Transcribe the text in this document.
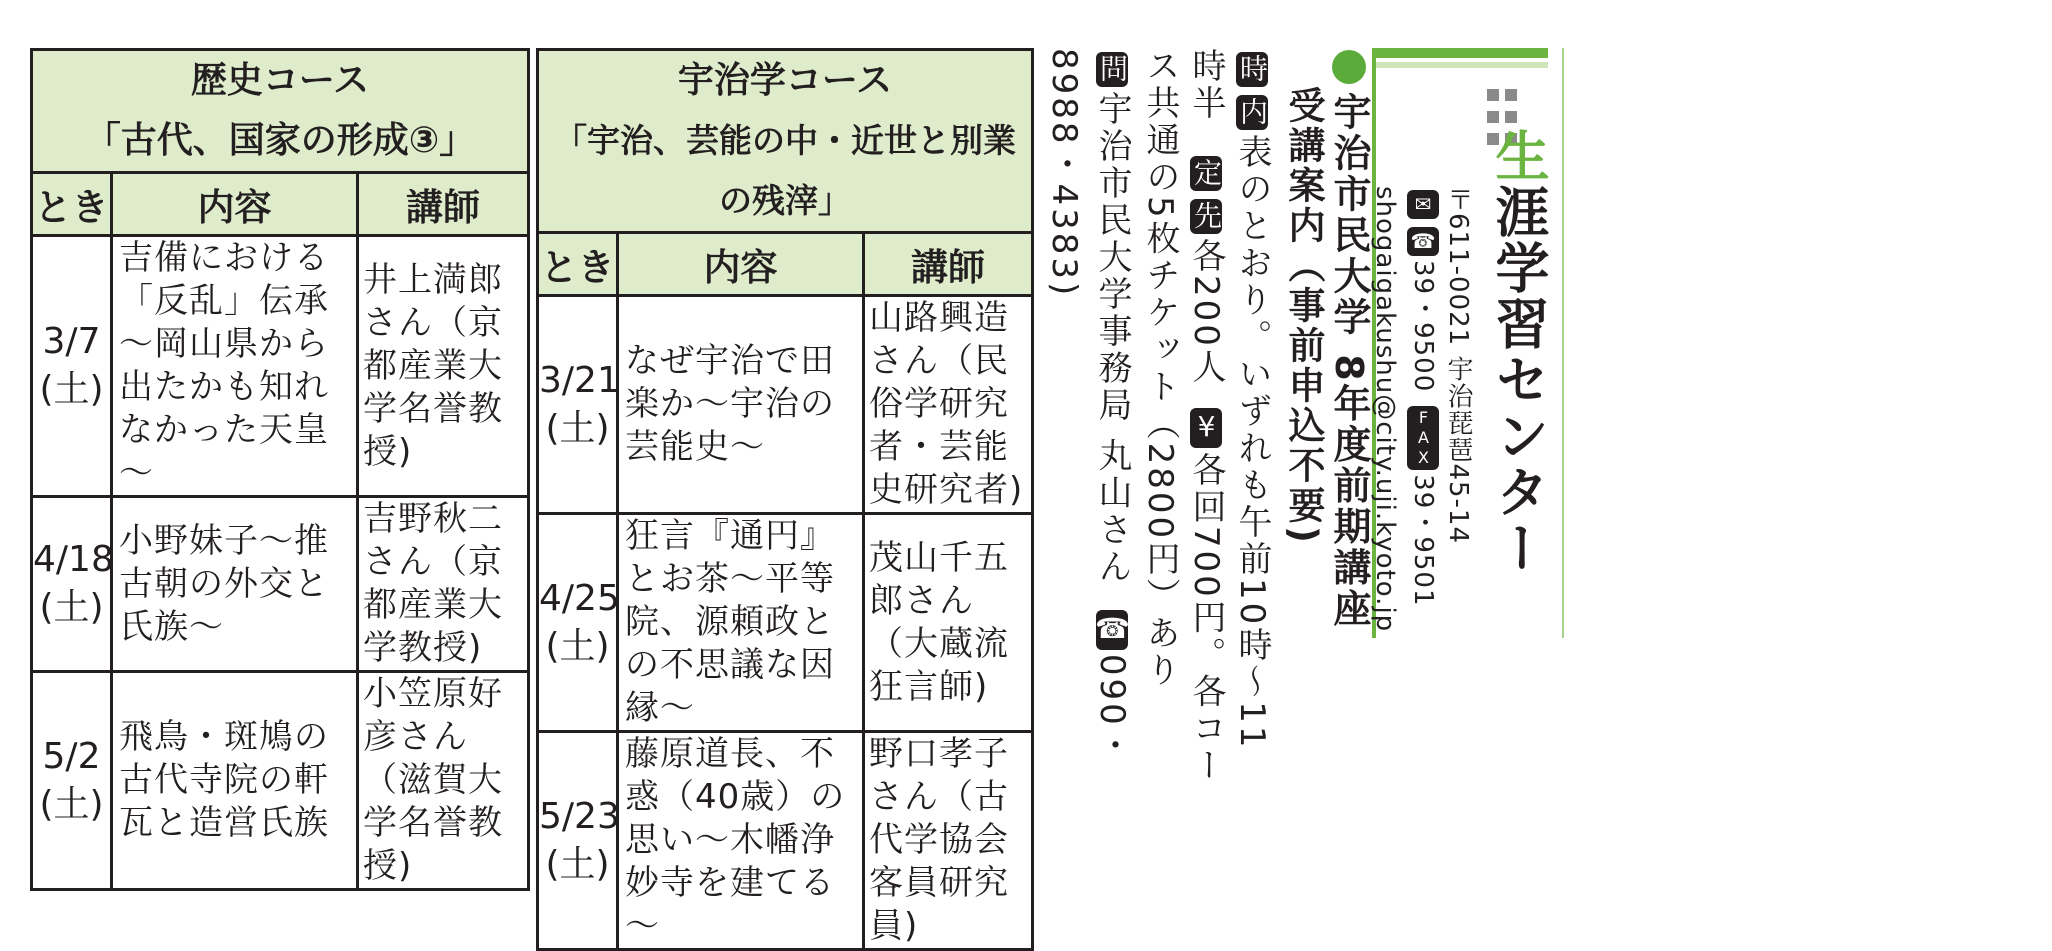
歴史コース
「古代、国家の形成③」		

とき	内容	講師

3/7
(土)	吉備における「反乱」伝承～岡山県から出たかも知れなかった天皇～	井上満郎さん（京都産業大学名誉教授)

4/18
(土)	小野妹子～推古朝の外交と氏族～	吉野秋二さん（京都産業大学教授)

5/2
(土)	飛鳥・斑鳩の古代寺院の軒瓦と造営氏族	小笠原好彦さん（滋賀大学名誉教授)
宇治学コース
「宇治、芸能の中・近世と別業の残滓」		

とき	内容	講師

3/21
(土)	なぜ宇治で田楽か～宇治の芸能史～	山路興造さん（民俗学研究者・芸能史研究者)

4/25
(土)	狂言『通円』とお茶～平等院、源頼政との不思議な因縁～	茂山千五郎さん（大蔵流狂言師)

5/23
(土)	藤原道長、不惑（40歳）の思い～木幡浄妙寺を建てる～	野口孝子さん（古代学協会客員研究員)
宇治市民大学 8年度前期講座
受講案内（事前申込不要)
時内表のとおり。いずれも午前10時～11
時半定先各200人¥各回700円。各コー
ス共通の5枚チケット（2800円）あり
問宇治市民大学事務局 丸山さん☎090・
8988・4383)	生涯学習センター
〒611-0021 宇治琵琶45-14
✉☎39・9500FAX39・9501
shogaigakushu@city.uji.kyoto.jp
